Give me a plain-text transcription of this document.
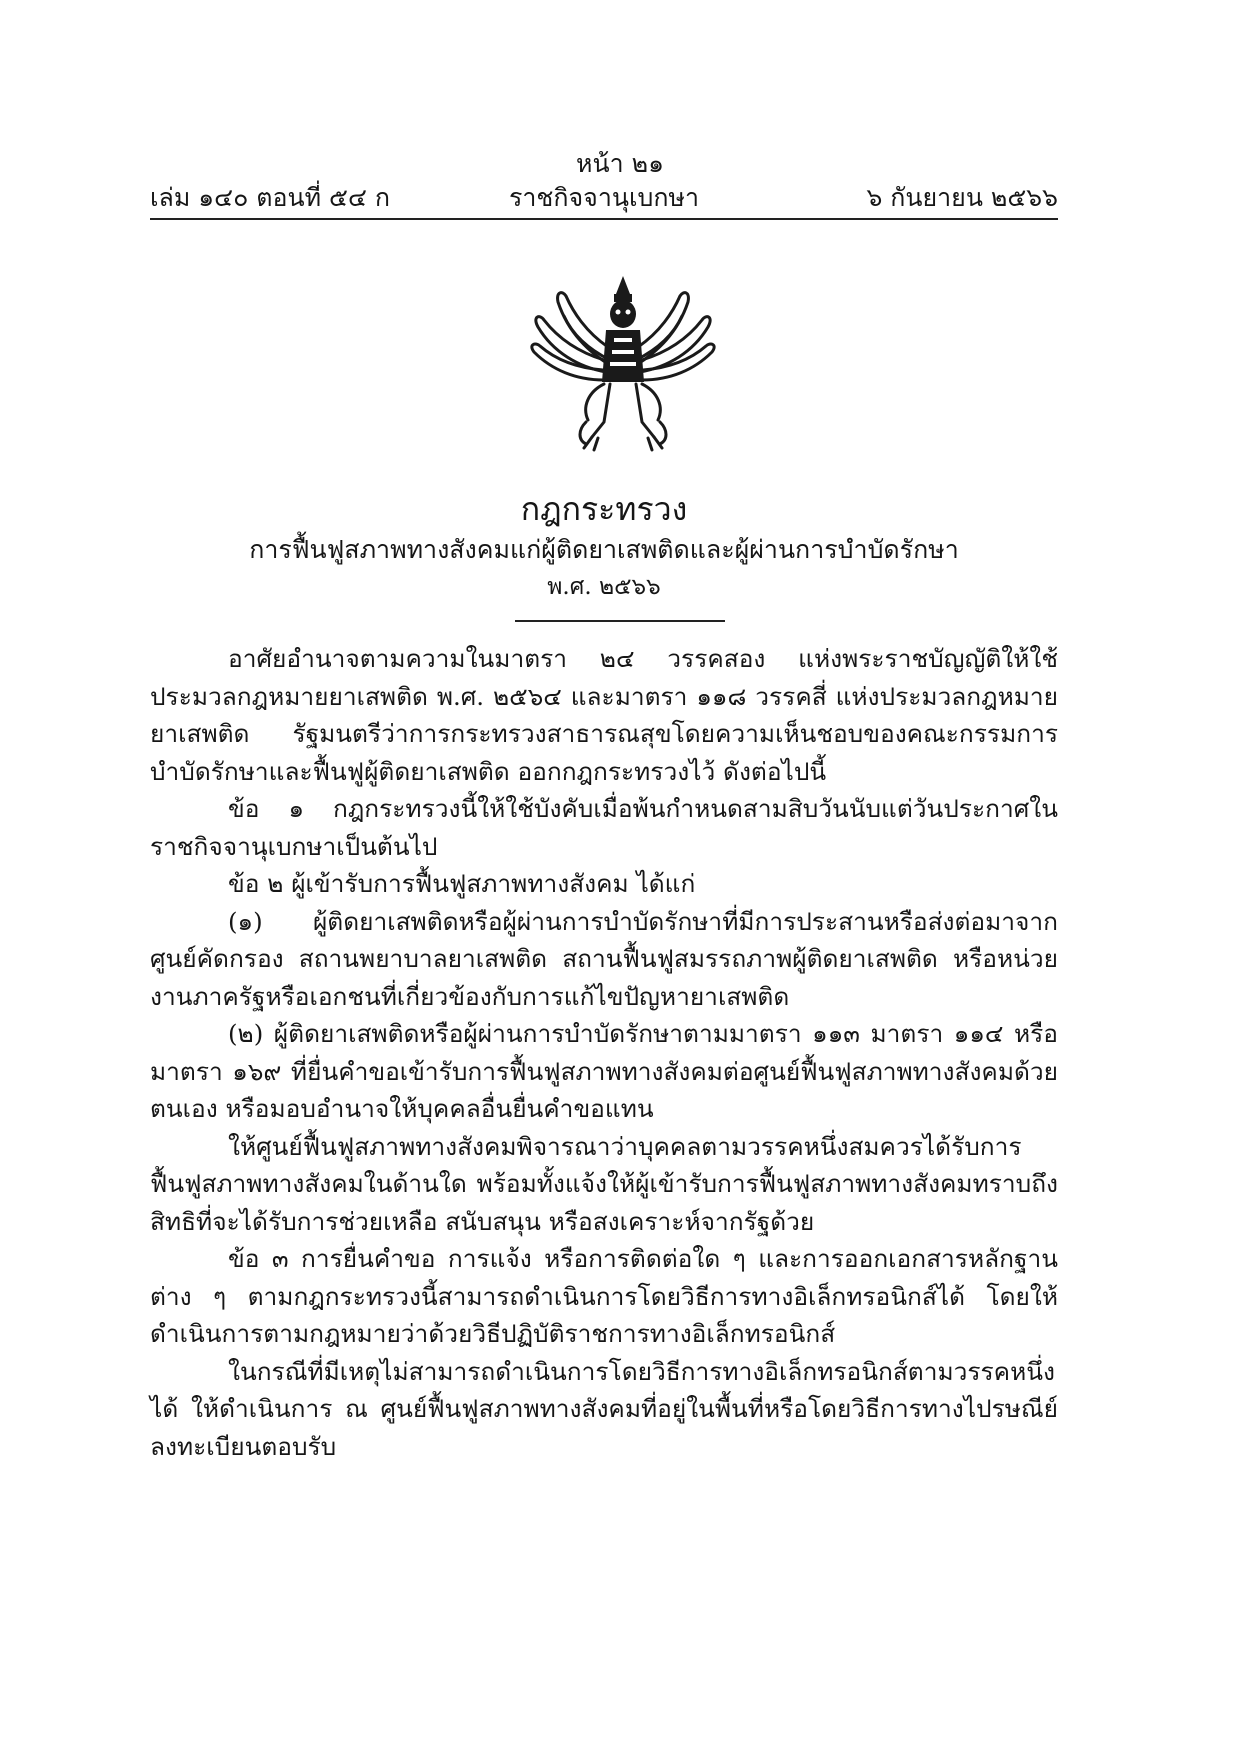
หน้า ๒๑
เล่ม ๑๔๐ ตอนที่ ๕๔ ก	ราชกิจจานุเบกษา	๖ กันยายน ๒๕๖๖
กฎกระทรวง
การฟื้นฟูสภาพทางสังคมแก่ผู้ติดยาเสพติดและผู้ผ่านการบำบัดรักษา
พ.ศ. ๒๕๖๖

อาศัยอำนาจตามความในมาตรา ๒๔ วรรคสอง แห่งพระราชบัญญัติให้ใช้ประมวลกฎหมายยาเสพติด พ.ศ. ๒๕๖๔ และมาตรา ๑๑๘ วรรคสี่ แห่งประมวลกฎหมายยาเสพติด รัฐมนตรีว่าการกระทรวงสาธารณสุขโดยความเห็นชอบของคณะกรรมการบำบัดรักษาและฟื้นฟูผู้ติดยาเสพติด ออกกฎกระทรวงไว้ ดังต่อไปนี้

ข้อ ๑ กฎกระทรวงนี้ให้ใช้บังคับเมื่อพ้นกำหนดสามสิบวันนับแต่วันประกาศในราชกิจจานุเบกษาเป็นต้นไป

ข้อ ๒ ผู้เข้ารับการฟื้นฟูสภาพทางสังคม ได้แก่

(๑) ผู้ติดยาเสพติดหรือผู้ผ่านการบำบัดรักษาที่มีการประสานหรือส่งต่อมาจากศูนย์คัดกรอง สถานพยาบาลยาเสพติด สถานฟื้นฟูสมรรถภาพผู้ติดยาเสพติด หรือหน่วยงานภาครัฐหรือเอกชนที่เกี่ยวข้องกับการแก้ไขปัญหายาเสพติด

(๒) ผู้ติดยาเสพติดหรือผู้ผ่านการบำบัดรักษาตามมาตรา ๑๑๓ มาตรา ๑๑๔ หรือมาตรา ๑๖๙ ที่ยื่นคำขอเข้ารับการฟื้นฟูสภาพทางสังคมต่อศูนย์ฟื้นฟูสภาพทางสังคมด้วยตนเอง หรือมอบอำนาจให้บุคคลอื่นยื่นคำขอแทน

ให้ศูนย์ฟื้นฟูสภาพทางสังคมพิจารณาว่าบุคคลตามวรรคหนึ่งสมควรได้รับการฟื้นฟูสภาพทางสังคมในด้านใด พร้อมทั้งแจ้งให้ผู้เข้ารับการฟื้นฟูสภาพทางสังคมทราบถึงสิทธิที่จะได้รับการช่วยเหลือ สนับสนุน หรือสงเคราะห์จากรัฐด้วย

ข้อ ๓ การยื่นคำขอ การแจ้ง หรือการติดต่อใด ๆ และการออกเอกสารหลักฐานต่าง ๆ ตามกฎกระทรวงนี้สามารถดำเนินการโดยวิธีการทางอิเล็กทรอนิกส์ได้ โดยให้ดำเนินการตามกฎหมายว่าด้วยวิธีปฏิบัติราชการทางอิเล็กทรอนิกส์

ในกรณีที่มีเหตุไม่สามารถดำเนินการโดยวิธีการทางอิเล็กทรอนิกส์ตามวรรคหนึ่งได้ ให้ดำเนินการ ณ ศูนย์ฟื้นฟูสภาพทางสังคมที่อยู่ในพื้นที่หรือโดยวิธีการทางไปรษณีย์ลงทะเบียนตอบรับ
